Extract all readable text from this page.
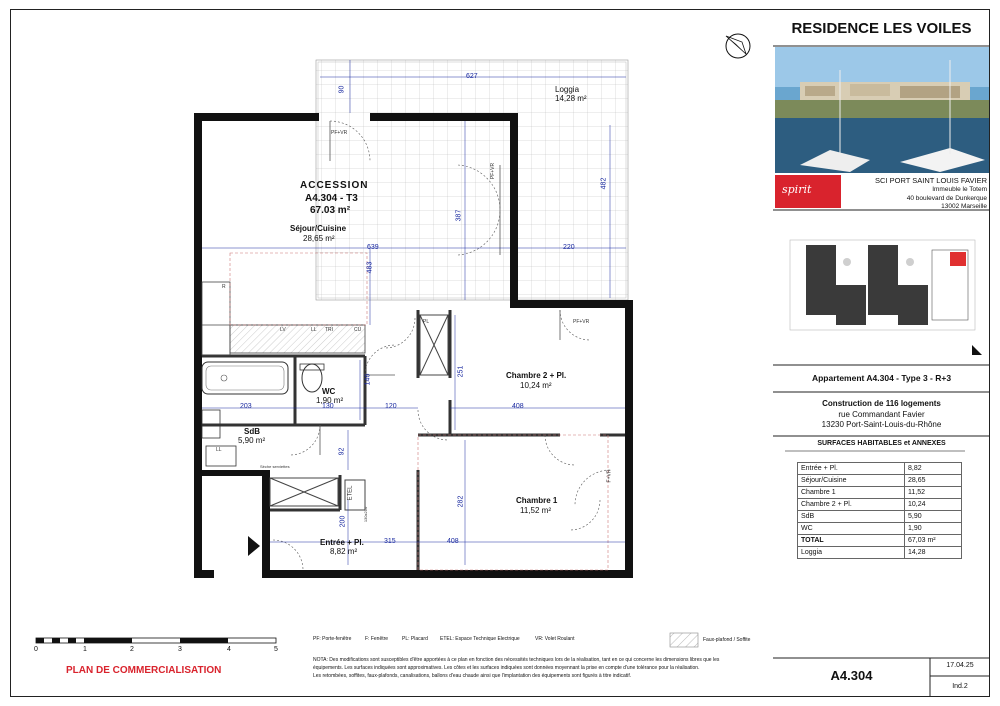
ACCESSION
A4.304 - T3
67.03 m²
Séjour/Cuisine
28,65 m²
Loggia
14,28 m²
Chambre 2 + Pl.
10,24 m²
Chambre 1
11,52 m²
WC
1,90 m²
SdB
5,90 m²
Entrée + Pl.
8,82 m²
627
90
482
387
220
639
483
146
251
203	130	120	408
92
282
200
315	408
PF+VR
PF+VR
PF+VR
F+VR
R
LV	LL TRI	CU
PL
ETEL
Sèche serviettes
LL
130x210
0	1	2	3	4	5
PF: Porte-fenêtre	F: Fenêtre	PL: Placard ETEL: Espace Technique Electrique	VR: Volet Roulant	Faux-plafond / Soffite
PLAN DE COMMERCIALISATION
NOTA: Des modifications sont susceptibles d'être apportées à ce plan en fonction des nécessités techniques lors de la réalisation, tant en ce qui concerne les dimensions libres que les
équipements. Les surfaces indiquées sont approximatives. Les côtes et les surfaces indiquées sont données moyennant la prise en compte d'une tolérance pour la réalisation.
Les retombées, soffites, faux-plafonds, canalisations, ballons d'eau chaude ainsi que l'implantation des équipements sont figurés à titre indicatif.
RESIDENCE LES VOILES
spirit
SCI PORT SAINT LOUIS FAVIER
Immeuble le Totem
40 boulevard de Dunkerque
13002 Marseille
Appartement A4.304 - Type 3 - R+3
Construction de 116 logements
rue Commandant Favier
13230 Port-Saint-Louis-du-Rhône
SURFACES HABITABLES et ANNEXES
Entrée + Pl.	8,82
Séjour/Cuisine	28,65
Chambre 1	11,52
Chambre 2 + Pl.	10,24
SdB	5,90
WC	1,90
TOTAL	67,03 m²
Loggia	14,28
A4.304
17.04.25
Ind.2
